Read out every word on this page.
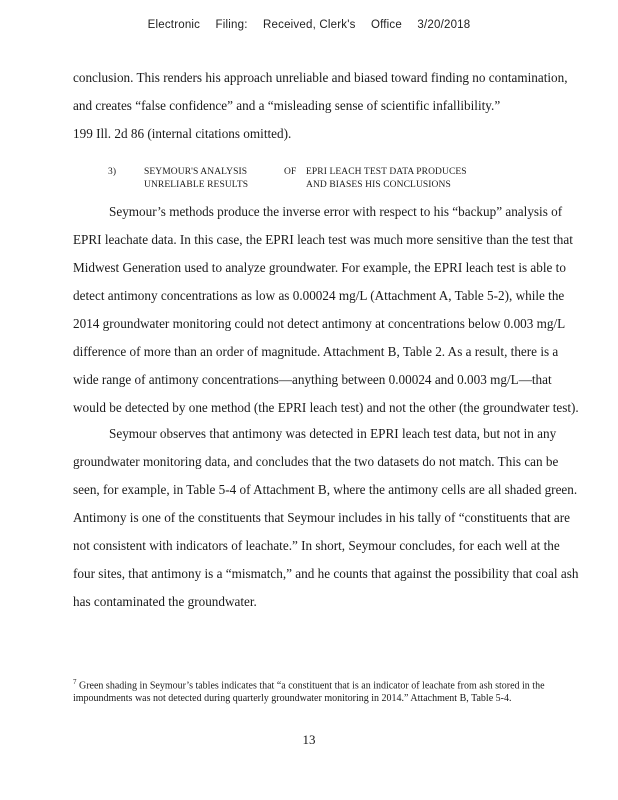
Electronic Filing: Received, Clerk's Office 3/20/2018
conclusion. This renders his approach unreliable and biased toward finding no contamination,
and creates “false confidence” and a “misleading sense of scientific infallibility.”
199 Ill. 2d 86 (internal citations omitted).
3)	SEYMOUR'S ANALYSIS	OF	EPRI LEACH TEST DATA PRODUCES
UNRELIABLE RESULTS	AND BIASES HIS CONCLUSIONS
Seymour’s methods produce the inverse error with respect to his “backup” analysis of
EPRI leachate data. In this case, the EPRI leach test was much more sensitive than the test that
Midwest Generation used to analyze groundwater. For example, the EPRI leach test is able to
detect antimony concentrations as low as 0.00024 mg/L (Attachment A, Table 5-2), while the
2014 groundwater monitoring could not detect antimony at concentrations below 0.003 mg/L
difference of more than an order of magnitude. Attachment B, Table 2. As a result, there is a
wide range of antimony concentrations—anything between 0.00024 and 0.003 mg/L—that
would be detected by one method (the EPRI leach test) and not the other (the groundwater test).
Seymour observes that antimony was detected in EPRI leach test data, but not in any
groundwater monitoring data, and concludes that the two datasets do not match. This can be
seen, for example, in Table 5-4 of Attachment B, where the antimony cells are all shaded green.
Antimony is one of the constituents that Seymour includes in his tally of “constituents that are
not consistent with indicators of leachate.” In short, Seymour concludes, for each well at the
four sites, that antimony is a “mismatch,” and he counts that against the possibility that coal ash
has contaminated the groundwater.
$^7$ Green shading in Seymour’s tables indicates that “a constituent that is an indicator of leachate from ash stored in the impoundments was not detected during quarterly groundwater monitoring in 2014.” Attachment B, Table 5-4.
13
